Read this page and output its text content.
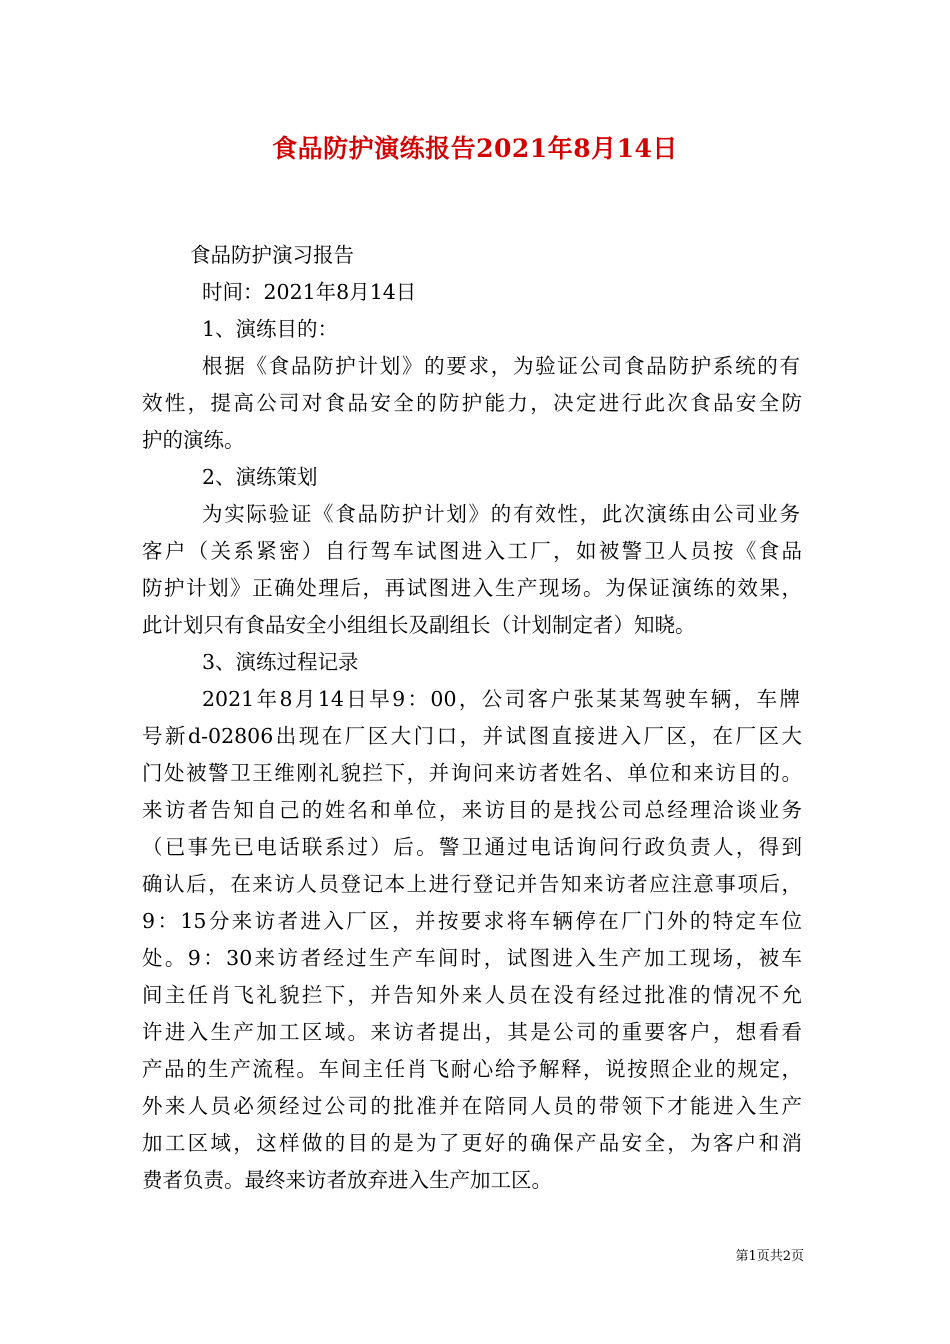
食品防护演练报告2021年8月14日
食品防护演习报告
时间：2021年8月14日
1、演练目的：
根据《食品防护计划》的要求，为验证公司食品防护系统的有
效性，提高公司对食品安全的防护能力，决定进行此次食品安全防
护的演练。
2、演练策划
为实际验证《食品防护计划》的有效性，此次演练由公司业务
客户（关系紧密）自行驾车试图进入工厂，如被警卫人员按《食品
防护计划》正确处理后，再试图进入生产现场。为保证演练的效果，
此计划只有食品安全小组组长及副组长（计划制定者）知晓。
3、演练过程记录
2021年8月14日早9：00，公司客户张某某驾驶车辆，车牌
号新d-02806出现在厂区大门口，并试图直接进入厂区，在厂区大
门处被警卫王维刚礼貌拦下，并询问来访者姓名、单位和来访目的。
来访者告知自己的姓名和单位，来访目的是找公司总经理洽谈业务
（已事先已电话联系过）后。警卫通过电话询问行政负责人，得到
确认后，在来访人员登记本上进行登记并告知来访者应注意事项后，
9：15分来访者进入厂区，并按要求将车辆停在厂门外的特定车位
处。9：30来访者经过生产车间时，试图进入生产加工现场，被车
间主任肖飞礼貌拦下，并告知外来人员在没有经过批准的情况不允
许进入生产加工区域。来访者提出，其是公司的重要客户，想看看
产品的生产流程。车间主任肖飞耐心给予解释，说按照企业的规定，
外来人员必须经过公司的批准并在陪同人员的带领下才能进入生产
加工区域，这样做的目的是为了更好的确保产品安全，为客户和消
费者负责。最终来访者放弃进入生产加工区。
第1页共2页
